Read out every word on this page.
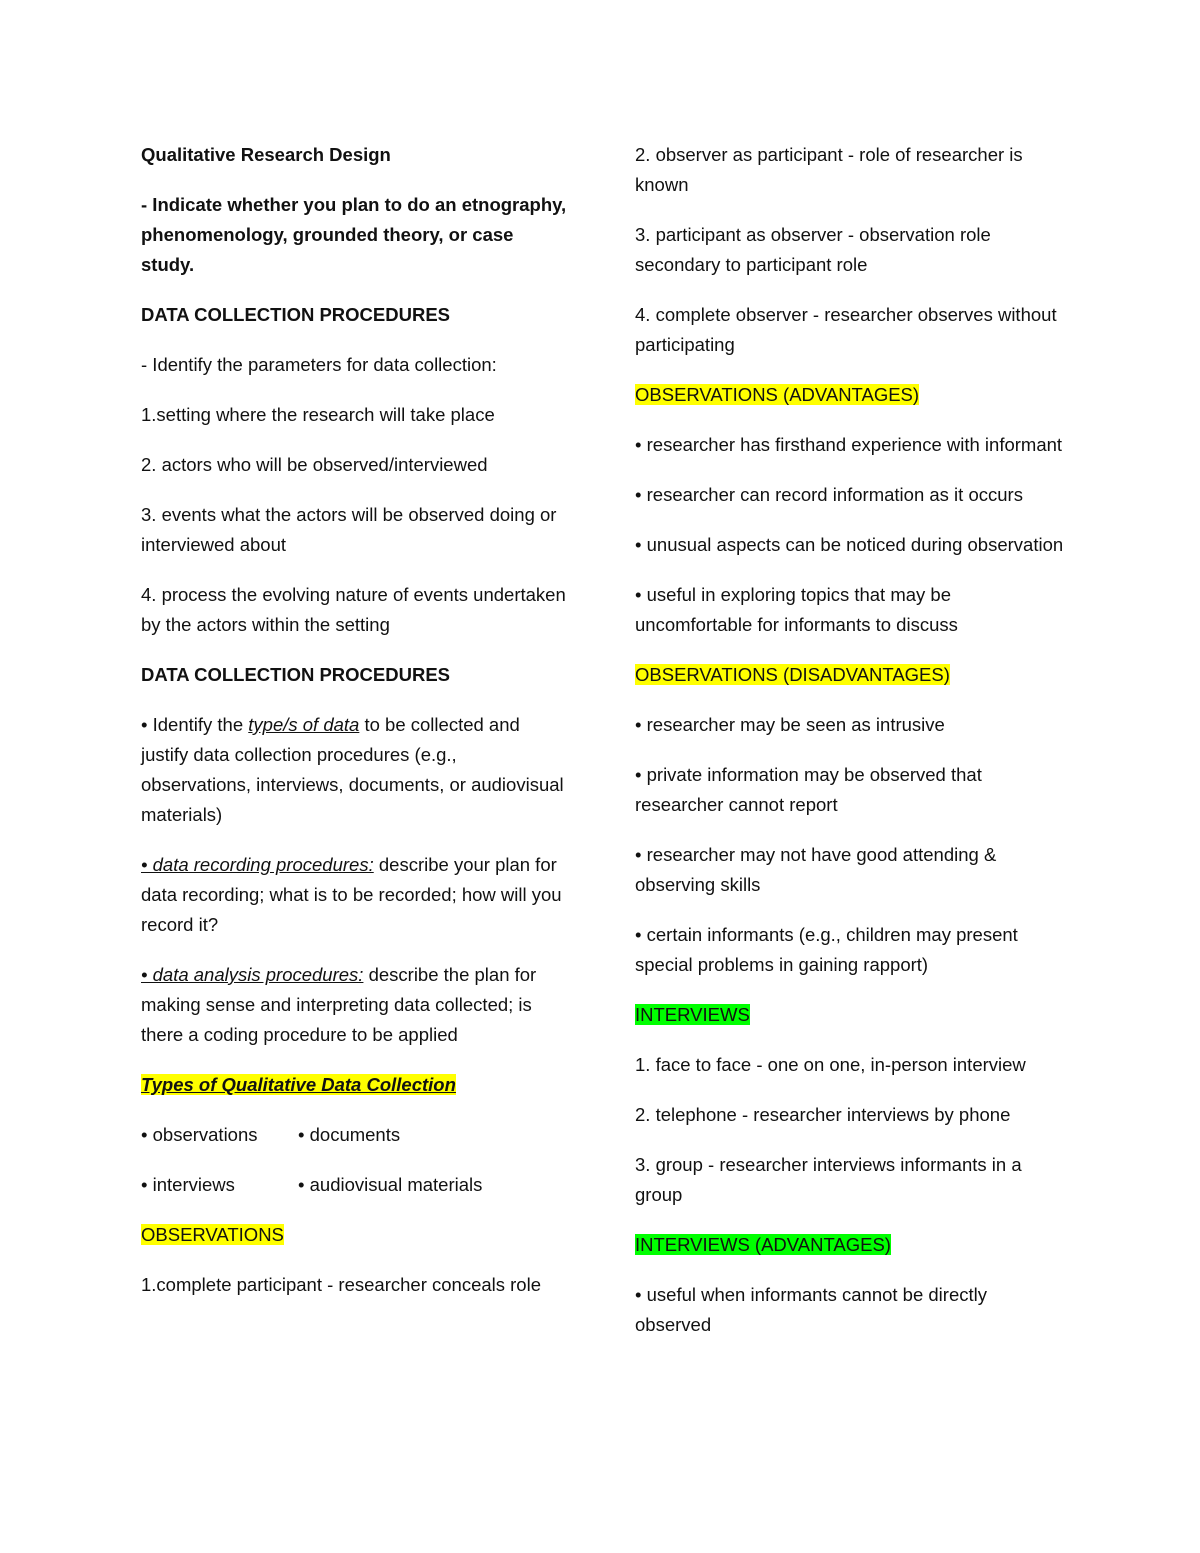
Qualitative Research Design

- Indicate whether you plan to do an etnography, phenomenology, grounded theory, or case study.

DATA COLLECTION PROCEDURES

- Identify the parameters for data collection:

1.setting where the research will take place

2. actors who will be observed/interviewed

3. events what the actors will be observed doing or interviewed about

4. process the evolving nature of events undertaken by the actors within the setting

DATA COLLECTION PROCEDURES

• Identify the type/s of data to be collected and justify data collection procedures (e.g., observations, interviews, documents, or audiovisual materials)

• data recording procedures: describe your plan for data recording; what is to be recorded; how will you record it?

• data analysis procedures: describe the plan for making sense and interpreting data collected; is there a coding procedure to be applied

Types of Qualitative Data Collection

• observations	• documents
• interviews	• audiovisual materials

OBSERVATIONS

1.complete participant - researcher conceals role

2. observer as participant - role of researcher is known

3. participant as observer - observation role secondary to participant role

4. complete observer - researcher observes without participating

OBSERVATIONS (ADVANTAGES)

• researcher has firsthand experience with informant

• researcher can record information as it occurs

• unusual aspects can be noticed during observation

• useful in exploring topics that may be uncomfortable for informants to discuss

OBSERVATIONS (DISADVANTAGES)

• researcher may be seen as intrusive

• private information may be observed that researcher cannot report

• researcher may not have good attending & observing skills

• certain informants (e.g., children may present special problems in gaining rapport)

INTERVIEWS

1. face to face - one on one, in-person interview

2. telephone - researcher interviews by phone

3. group - researcher interviews informants in a group

INTERVIEWS (ADVANTAGES)

• useful when informants cannot be directly observed
